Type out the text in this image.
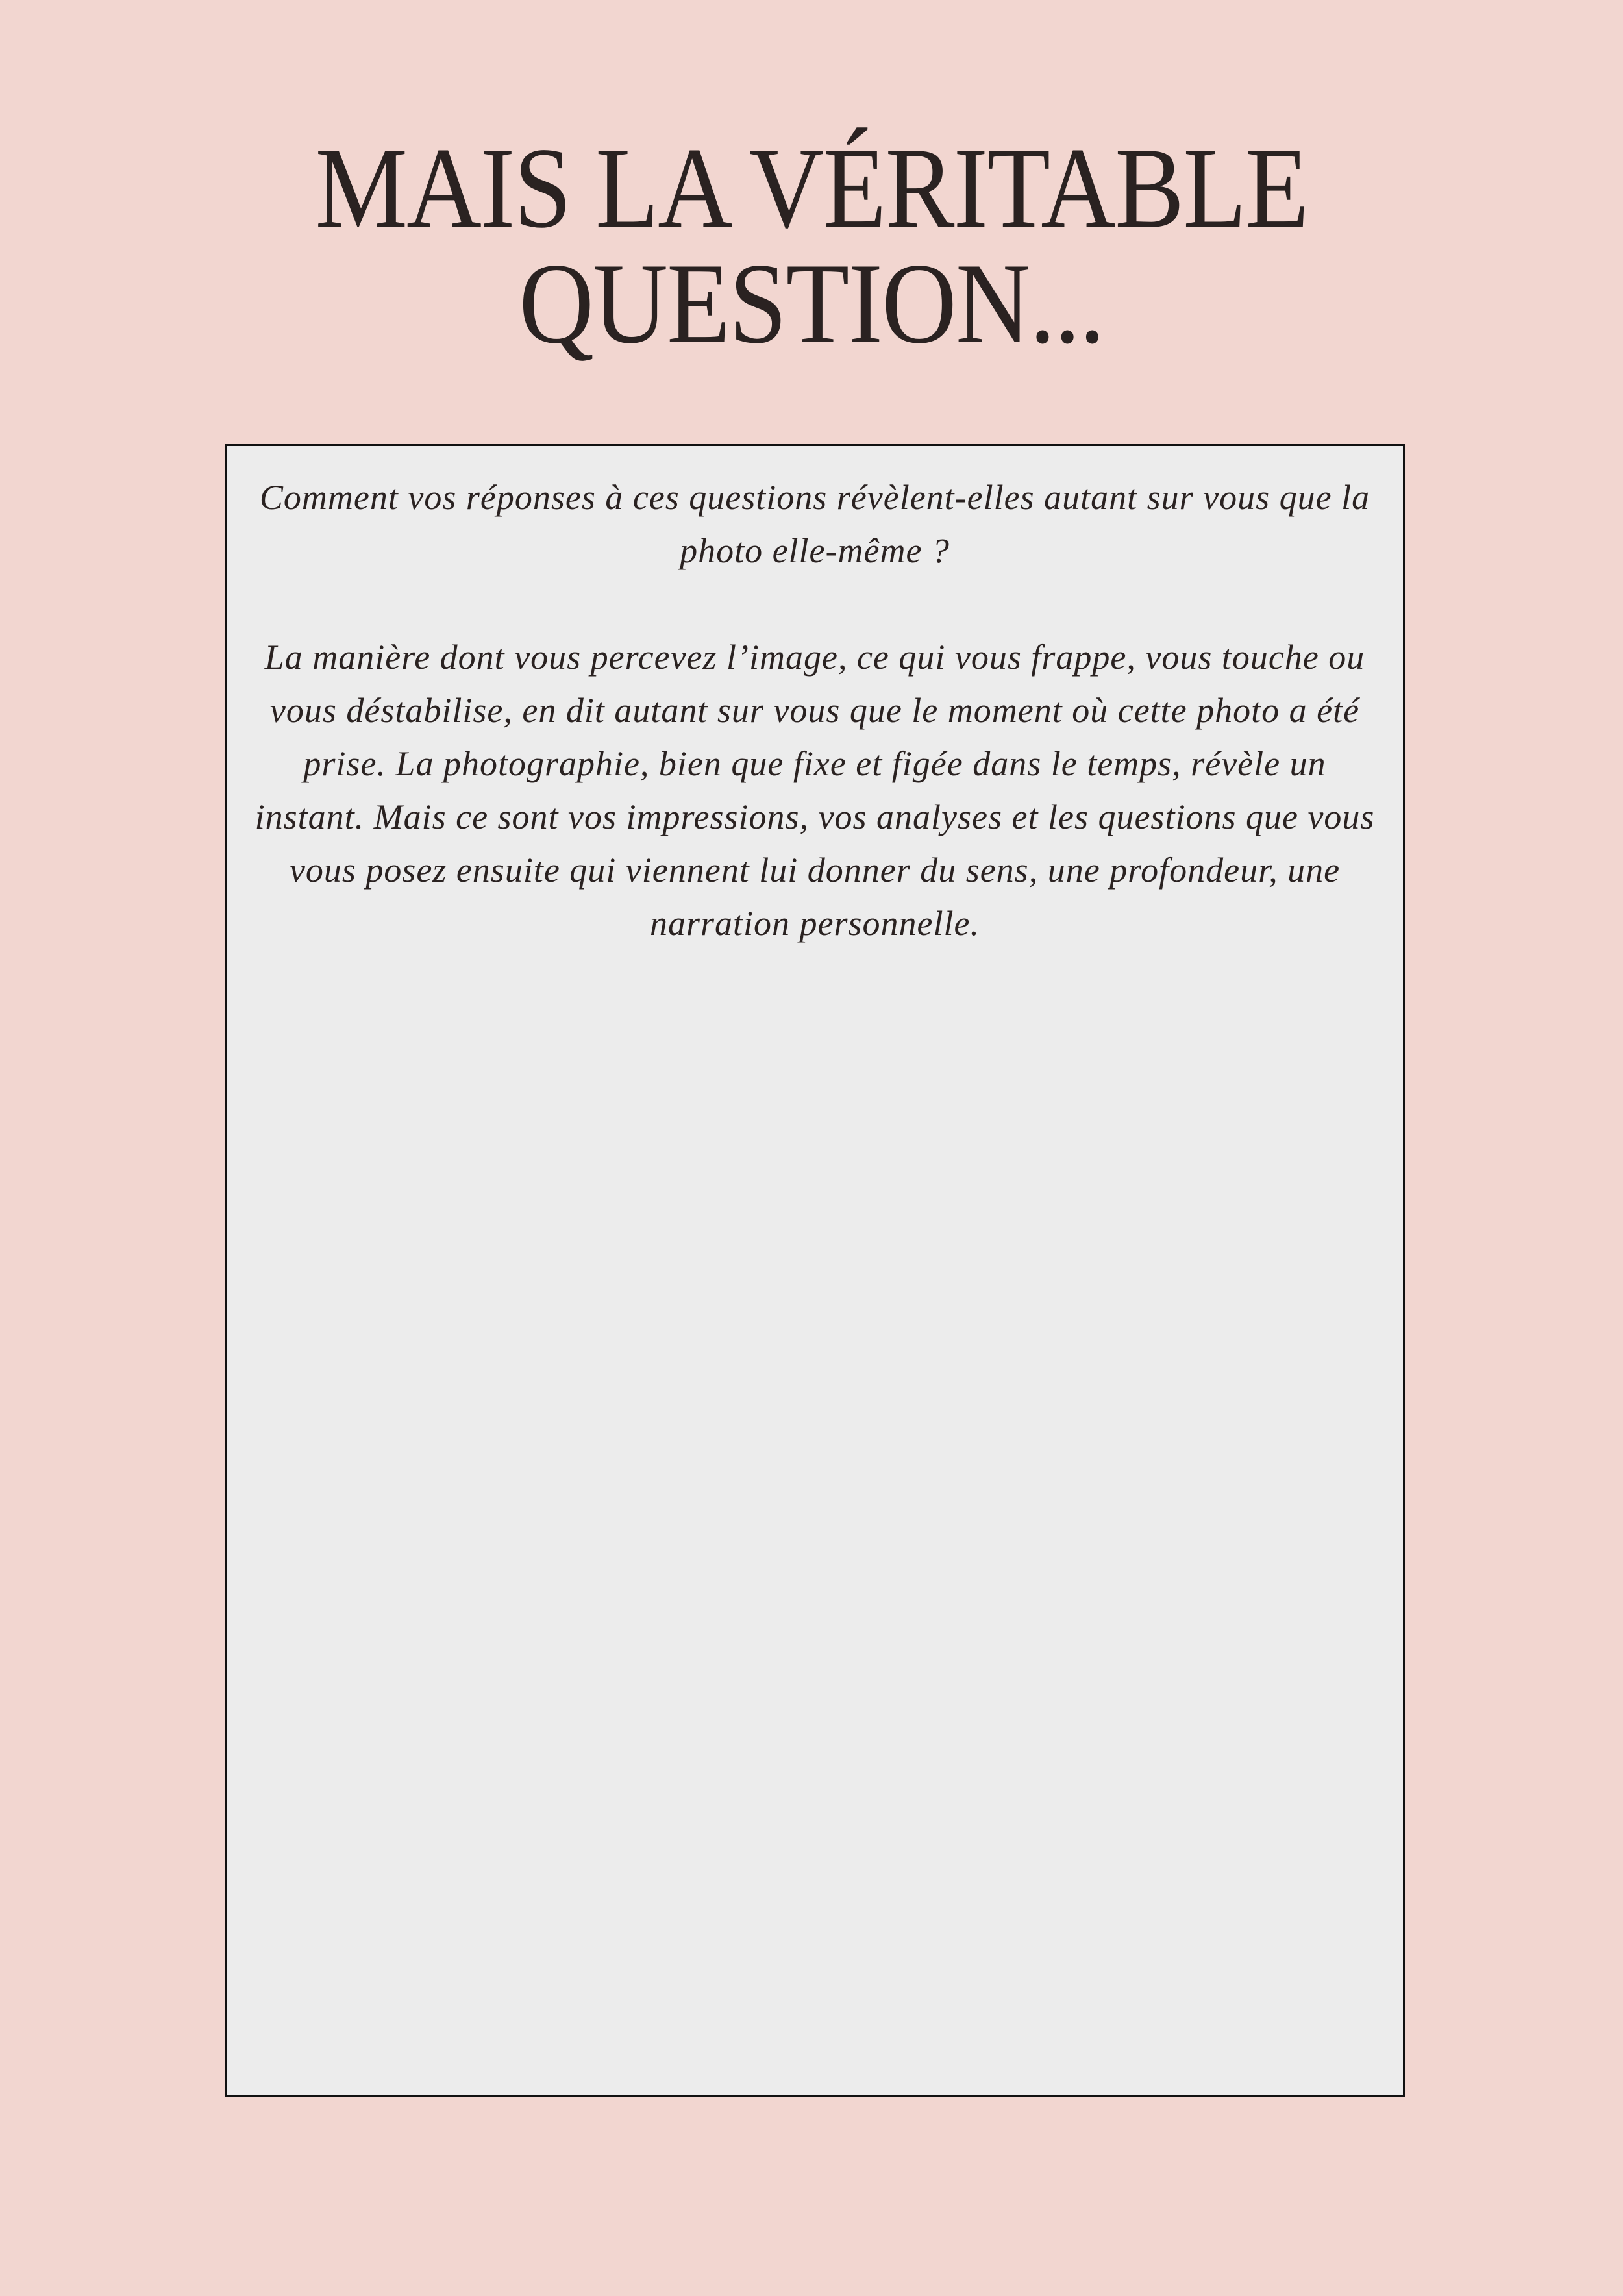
MAIS LA VÉRITABLE
QUESTION...

Comment vos réponses à ces questions révèlent-elles autant sur vous que la photo elle-même ?

La manière dont vous percevez l’image, ce qui vous frappe, vous touche ou vous déstabilise, en dit autant sur vous que le moment où cette photo a été prise. La photographie, bien que fixe et figée dans le temps, révèle un instant. Mais ce sont vos impressions, vos analyses et les questions que vous vous posez ensuite qui viennent lui donner du sens, une profondeur, une narration personnelle.
